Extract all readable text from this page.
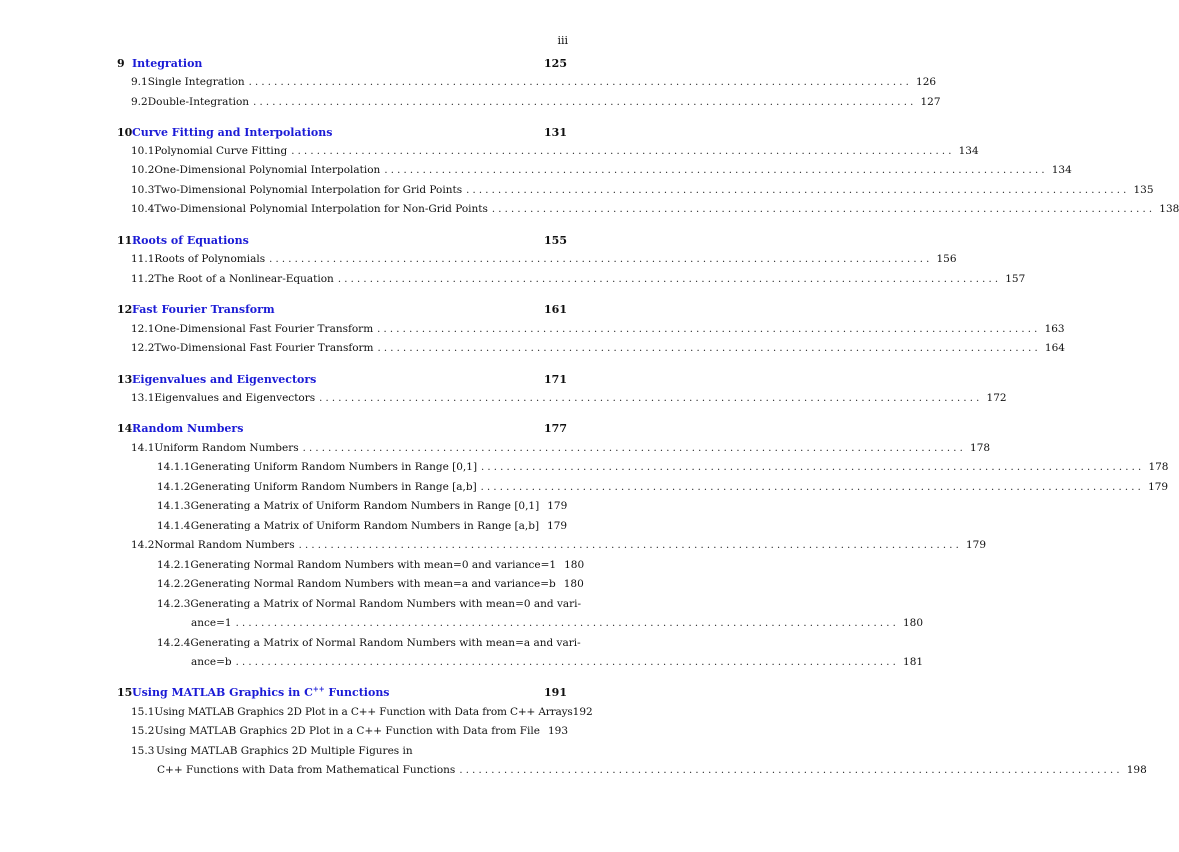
iii
9 Integration	125
9.1 Single Integration ........................................................................................................ 126
9.2 Double-Integration ........................................................................................................ 127
10 Curve Fitting and Interpolations	131
10.1 Polynomial Curve Fitting ........................................................................................................ 134
10.2 One-Dimensional Polynomial Interpolation ........................................................................................................ 134
10.3 Two-Dimensional Polynomial Interpolation for Grid Points ........................................................................................................ 135
10.4 Two-Dimensional Polynomial Interpolation for Non-Grid Points ........................................................................................................ 138
11 Roots of Equations	155
11.1 Roots of Polynomials ........................................................................................................ 156
11.2 The Root of a Nonlinear-Equation ........................................................................................................ 157
12 Fast Fourier Transform	161
12.1 One-Dimensional Fast Fourier Transform ........................................................................................................ 163
12.2 Two-Dimensional Fast Fourier Transform ........................................................................................................ 164
13 Eigenvalues and Eigenvectors	171
13.1 Eigenvalues and Eigenvectors ........................................................................................................ 172
14 Random Numbers	177
14.1 Uniform Random Numbers ........................................................................................................ 178
14.1.1 Generating Uniform Random Numbers in Range [0,1] ........................................................................................................ 178
14.1.2 Generating Uniform Random Numbers in Range [a,b] ........................................................................................................ 179
14.1.3 Generating a Matrix of Uniform Random Numbers in Range [0,1] 179
14.1.4 Generating a Matrix of Uniform Random Numbers in Range [a,b] 179
14.2 Normal Random Numbers ........................................................................................................ 179
14.2.1 Generating Normal Random Numbers with mean=0 and variance=1 180
14.2.2 Generating Normal Random Numbers with mean=a and variance=b 180
14.2.3 Generating a Matrix of Normal Random Numbers with mean=0 and vari-
ance=1 ........................................................................................................ 180
14.2.4 Generating a Matrix of Normal Random Numbers with mean=a and vari-
ance=b ........................................................................................................ 181
15 Using MATLAB Graphics in C++ Functions	191
15.1 Using MATLAB Graphics 2D Plot in a C++ Function with Data from C++ Arrays 192
15.2 Using MATLAB Graphics 2D Plot in a C++ Function with Data from File 193
15.3 Using MATLAB Graphics 2D Multiple Figures in
C++ Functions with Data from Mathematical Functions ........................................................................................................ 198
